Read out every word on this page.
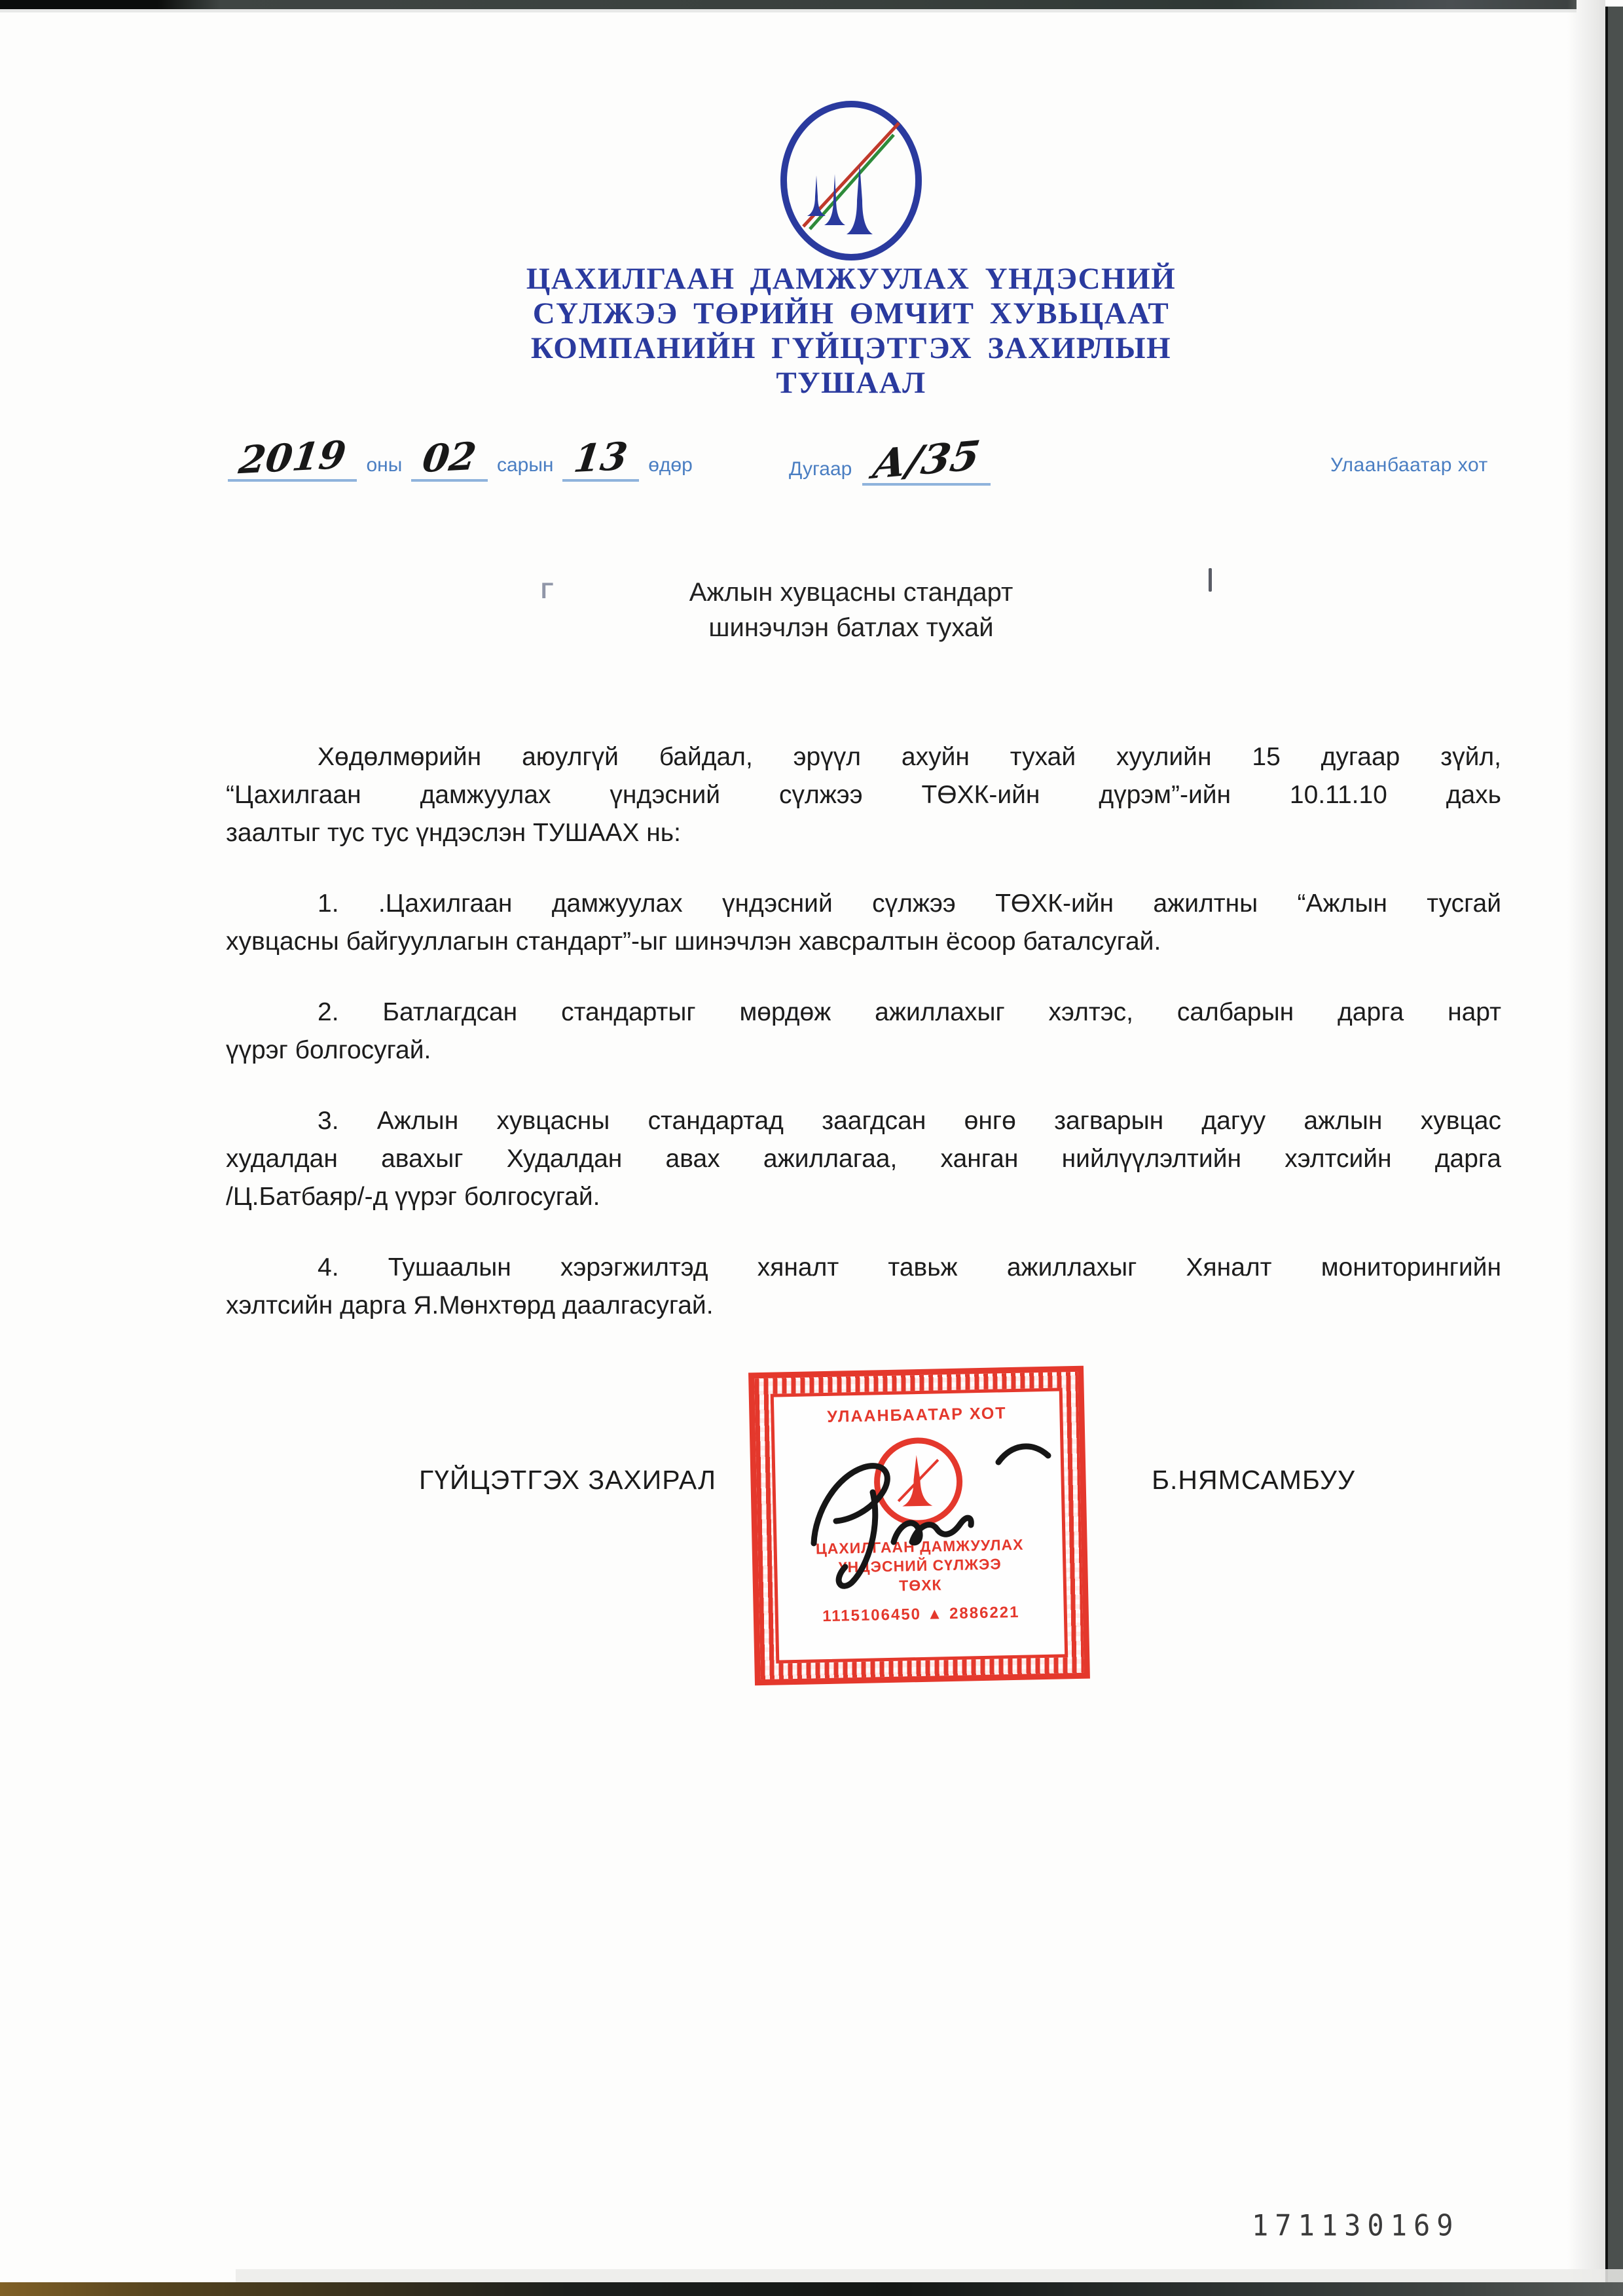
ЦАХИЛГААН ДАМЖУУЛАХ ҮНДЭСНИЙ
СҮЛЖЭЭ ТӨРИЙН ӨМЧИТ ХУВЬЦААТ
КОМПАНИЙН ГҮЙЦЭТГЭХ ЗАХИРЛЫН
ТУШААЛ
2019 оны 02 сарын 13 өдөр	Дугаар А/35	Улаанбаатар хот
Ажлын хувцасны стандарт
шинэчлэн батлах тухай
Г

Хөдөлмөрийн аюулгүй байдал, эрүүл ахуйн тухай хуулийн 15 дугаар зүйл,
“Цахилгаан дамжуулах үндэсний сүлжээ ТӨХК-ийн дүрэм”-ийн 10.11.10 дахь
заалтыг тус тус үндэслэн ТУШААХ нь:

1. .Цахилгаан дамжуулах үндэсний сүлжээ ТӨХК-ийн ажилтны “Ажлын тусгай
хувцасны байгууллагын стандарт”-ыг шинэчлэн хавсралтын ёсоор баталсугай.

2. Батлагдсан стандартыг мөрдөж ажиллахыг хэлтэс, салбарын дарга нарт
үүрэг болгосугай.

3. Ажлын хувцасны стандартад заагдсан өнгө загварын дагуу ажлын хувцас
худалдан авахыг Худалдан авах ажиллагаа, ханган нийлүүлэлтийн хэлтсийн дарга
/Ц.Батбаяр/-д үүрэг болгосугай.

4. Тушаалын хэрэгжилтэд хяналт тавьж ажиллахыг Хяналт мониторингийн
хэлтсийн дарга Я.Мөнхтөрд даалгасугай.

ГҮЙЦЭТГЭХ ЗАХИРАЛ	Б.НЯМСАМБУУ
УЛААНБААТАР ХОТ
ЦАХИЛГААН ДАМЖУУЛАХ
ҮНДЭСНИЙ СҮЛЖЭЭ
ТӨХК
1115106450 ▲ 2886221
171130169
